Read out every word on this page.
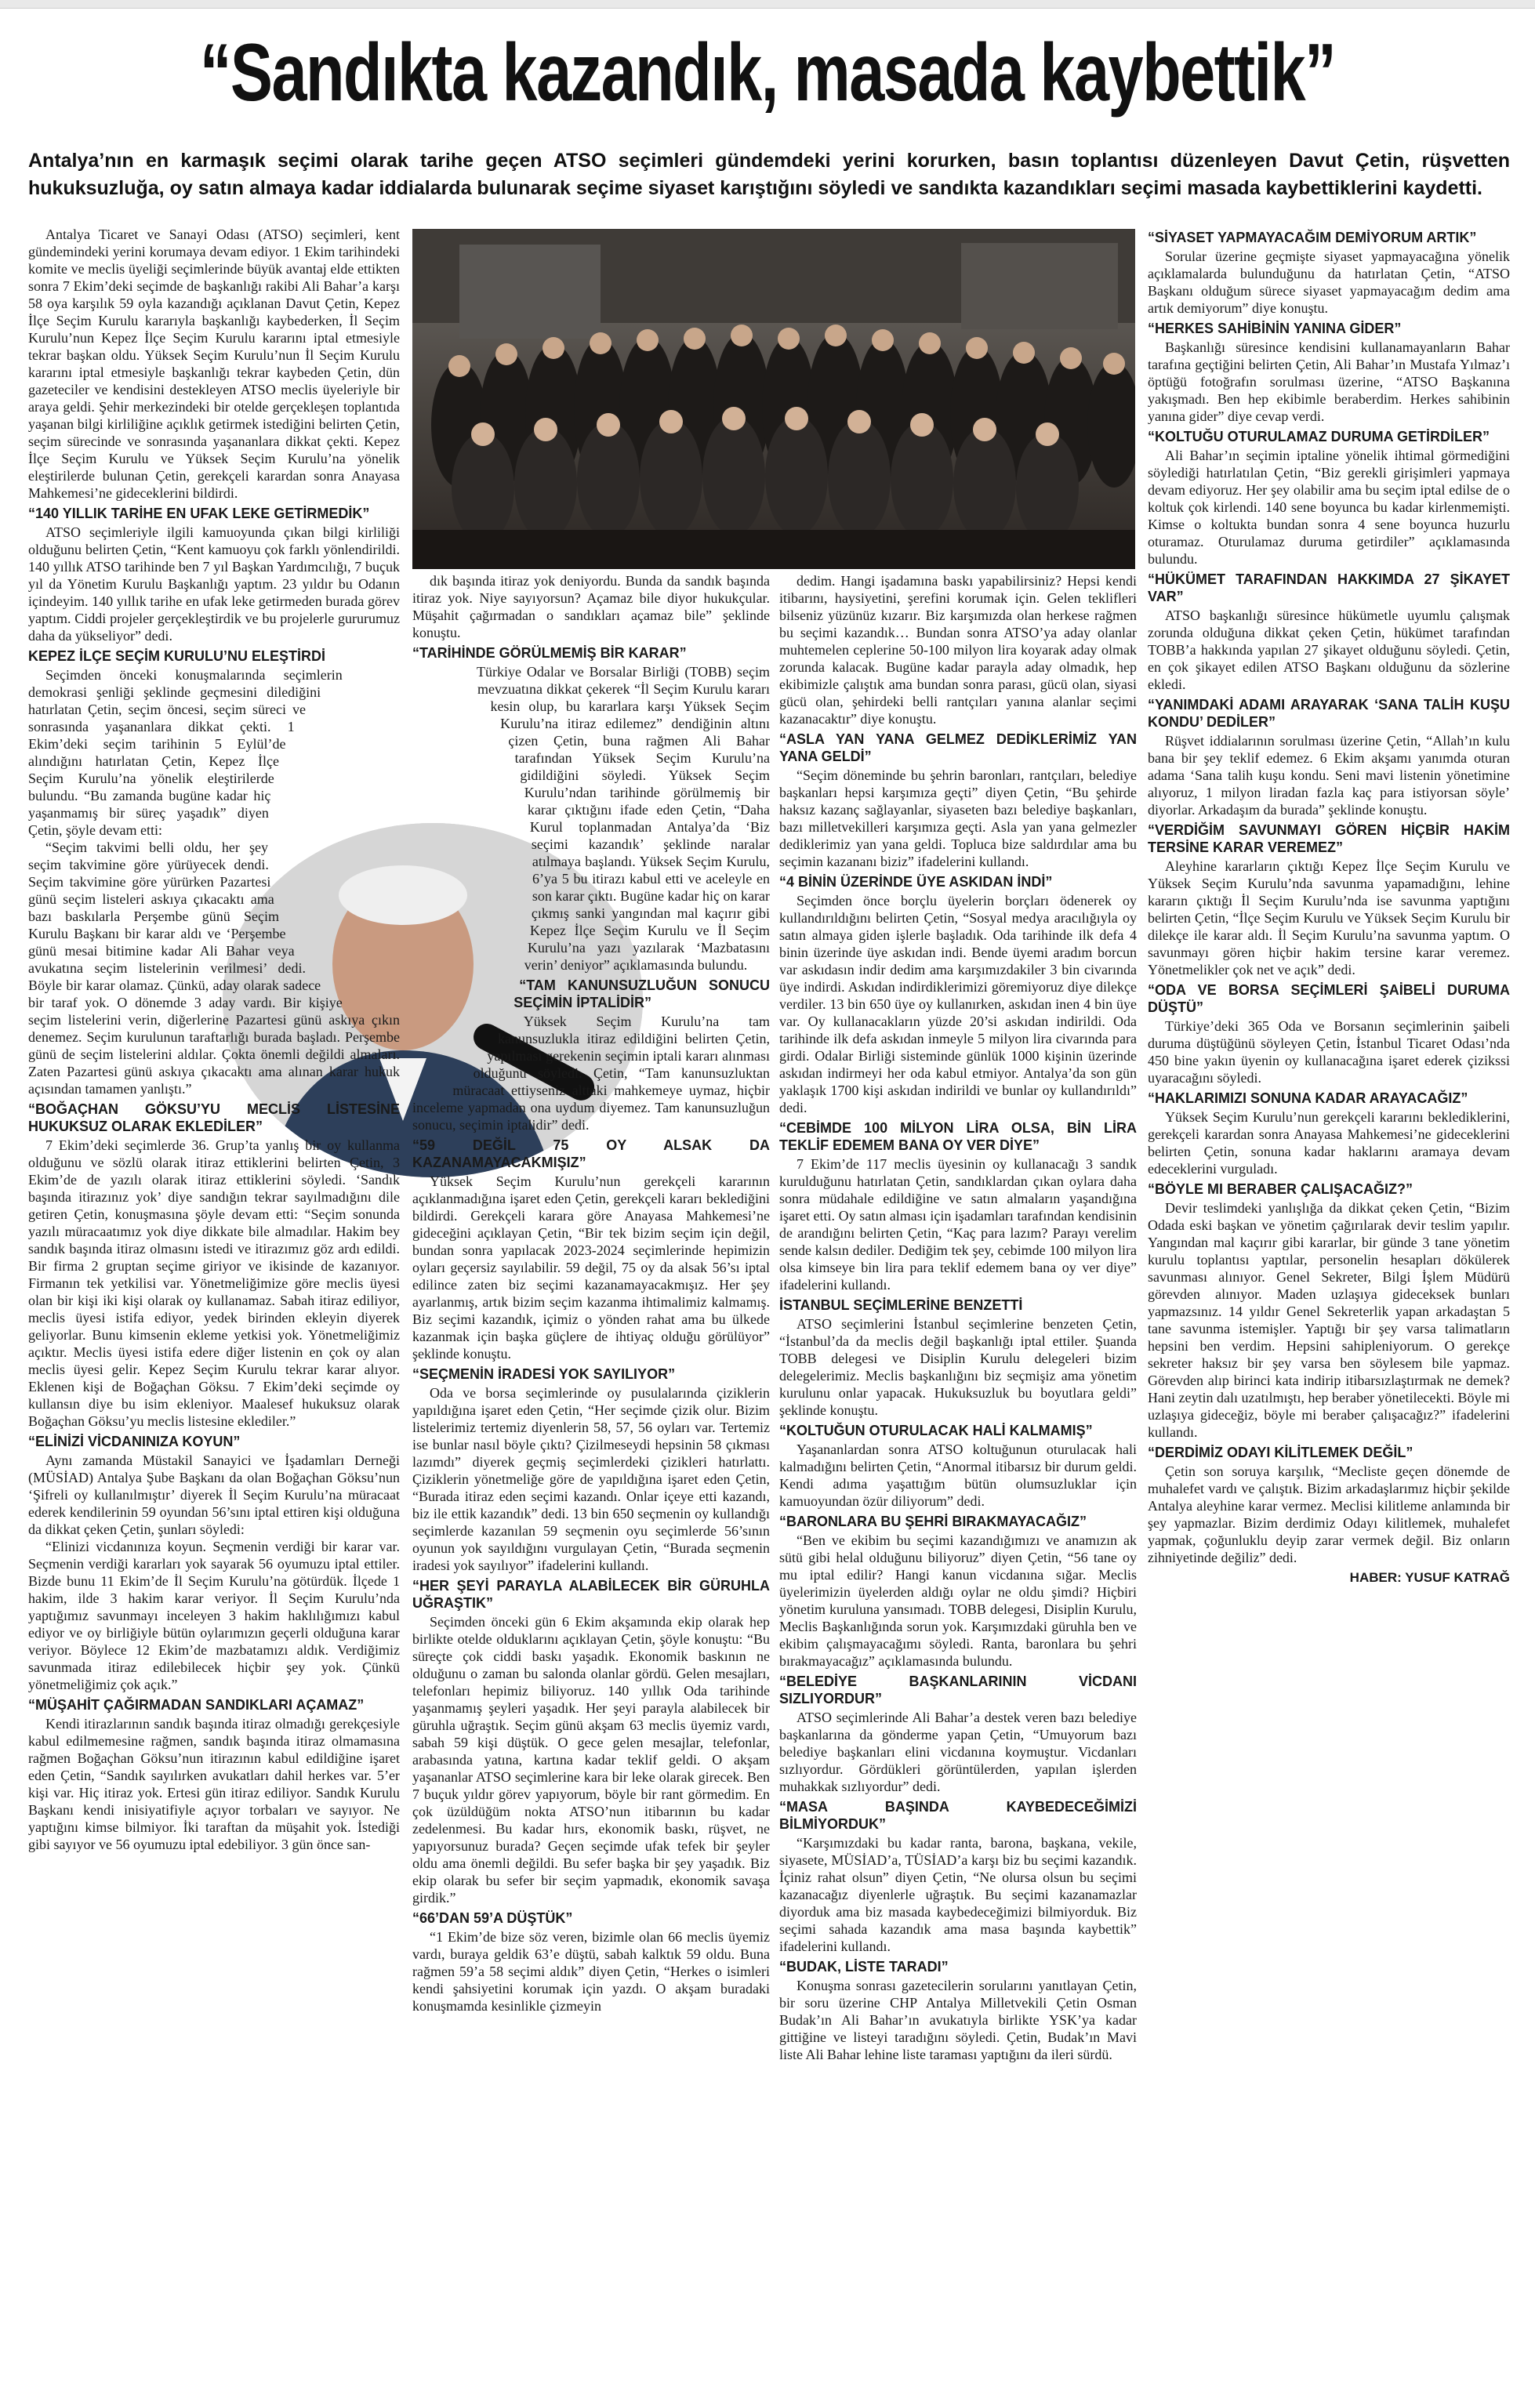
“Sandıkta kazandık, masada kaybettik”
Antalya’nın en karmaşık seçimi olarak tarihe geçen ATSO seçimleri gündemdeki yerini korurken, basın toplantısı düzenleyen Davut Çetin, rüşvetten hukuksuzluğa, oy satın almaya kadar iddialarda bulunarak seçime siyaset karıştığını söyledi ve sandıkta kazandıkları seçimi masada kaybettiklerini kaydetti.

Antalya Ticaret ve Sanayi Odası (ATSO) seçimleri, kent gündemindeki yerini korumaya devam ediyor. 1 Ekim tarihindeki komite ve meclis üyeliği seçimlerinde büyük avantaj elde ettikten sonra 7 Ekim’deki seçimde de başkanlığı rakibi Ali Bahar’a karşı 58 oya karşılık 59 oyla kazandığı açıklanan Davut Çetin, Kepez İlçe Seçim Kurulu kararıyla başkanlığı kaybederken, İl Seçim Kurulu’nun Kepez İlçe Seçim Kurulu kararını iptal etmesiyle tekrar başkan oldu. Yüksek Seçim Kurulu’nun İl Seçim Kurulu kararını iptal etmesiyle başkanlığı tekrar kaybeden Çetin, dün gazeteciler ve kendisini destekleyen ATSO meclis üyeleriyle bir araya geldi. Şehir merkezindeki bir otelde gerçekleşen toplantıda yaşanan bilgi kirliliğine açıklık getirmek istediğini belirten Çetin, seçim sürecinde ve sonrasında yaşananlara dikkat çekti. Kepez İlçe Seçim Kurulu ve Yüksek Seçim Kurulu’na yönelik eleştirilerde bulunan Çetin, gerekçeli karardan sonra Anayasa Mahkemesi’ne gideceklerini bildirdi.

“140 YILLIK TARİHE EN UFAK LEKE GETİRMEDİK”

ATSO seçimleriyle ilgili kamuoyunda çıkan bilgi kirliliği olduğunu belirten Çetin, “Kent kamuoyu çok farklı yönlendirildi. 140 yıllık ATSO tarihinde ben 7 yıl Başkan Yardımcılığı, 7 buçuk yıl da Yönetim Kurulu Başkanlığı yaptım. 23 yıldır bu Odanın içindeyim. 140 yıllık tarihe en ufak leke getirmeden burada görev yaptım. Ciddi projeler gerçekleştirdik ve bu projelerle gururumuz daha da yükseliyor” dedi.

KEPEZ İLÇE SEÇİM KURULU’NU ELEŞTİRDİ

Seçimden önceki konuşmalarında seçimlerin demokrasi şenliği şeklinde geçmesini dilediğini hatırlatan Çetin, seçim öncesi, seçim süreci ve sonrasında yaşananlara dikkat çekti. 1 Ekim’deki seçim tarihinin 5 Eylül’de alındığını hatırlatan Çetin, Kepez İlçe Seçim Kurulu’na yönelik eleştirilerde bulundu. “Bu zamanda bugüne kadar hiç yaşanmamış bir süreç yaşadık” diyen Çetin, şöyle devam etti:

“Seçim takvimi belli oldu, her şey seçim takvimine göre yürüyecek dendi. Seçim takvimine göre yürürken Pazartesi günü seçim listeleri askıya çıkacaktı ama bazı baskılarla Perşembe günü Seçim Kurulu Başkanı bir karar aldı ve ‘Perşembe günü mesai bitimine kadar Ali Bahar veya avukatına seçim listelerinin verilmesi’ dedi. Böyle bir karar olamaz. Çünkü, aday olarak sadece bir taraf yok. O dönemde 3 aday vardı. Bir kişiye seçim listelerini verin, diğerlerine Pazartesi günü askıya çıkın denemez. Seçim kurulunun taraftarlığı burada başladı. Perşembe günü de seçim listelerini aldılar. Çokta önemli değildi almaları. Zaten Pazartesi günü askıya çıkacaktı ama alınan karar hukuk açısından tamamen yanlıştı.”

“BOĞAÇHAN GÖKSU’YU MECLİS LİSTESİNE HUKUKSUZ OLARAK EKLEDİLER”

7 Ekim’deki seçimlerde 36. Grup’ta yanlış bir oy kullanma olduğunu ve sözlü olarak itiraz ettiklerini belirten Çetin, 3 Ekim’de de yazılı olarak itiraz ettiklerini söyledi. ‘Sandık başında itirazınız yok’ diye sandığın tekrar sayılmadığını dile getiren Çetin, konuşmasına şöyle devam etti: “Seçim sonunda yazılı müracaatımız yok diye dikkate bile almadılar. Hakim bey sandık başında itiraz olmasını istedi ve itirazımız göz ardı edildi. Bir firma 2 gruptan seçime giriyor ve ikisinde de kazanıyor. Firmanın tek yetkilisi var. Yönetmeliğimize göre meclis üyesi olan bir kişi iki kişi olarak oy kullanamaz. Sabah itiraz ediliyor, meclis üyesi istifa ediyor, yedek birinden ekleyin diyerek geliyorlar. Bunu kimsenin ekleme yetkisi yok. Yönetmeliğimiz açıktır. Meclis üyesi istifa edere diğer listenin en çok oy alan meclis üyesi gelir. Kepez Seçim Kurulu tekrar karar alıyor. Eklenen kişi de Boğaçhan Göksu. 7 Ekim’deki seçimde oy kullansın diye bu isim ekleniyor. Maalesef hukuksuz olarak Boğaçhan Göksu’yu meclis listesine eklediler.”

“ELİNİZİ VİCDANINIZA KOYUN”

Aynı zamanda Müstakil Sanayici ve İşadamları Derneği (MÜSİAD) Antalya Şube Başkanı da olan Boğaçhan Göksu’nun ‘Şifreli oy kullanılmıştır’ diyerek İl Seçim Kurulu’na müracaat ederek kendilerinin 59 oyundan 56’sını iptal ettiren kişi olduğuna da dikkat çeken Çetin, şunları söyledi:

“Elinizi vicdanınıza koyun. Seçmenin verdiği bir karar var. Seçmenin verdiği kararları yok sayarak 56 oyumuzu iptal ettiler. Bizde bunu 11 Ekim’de İl Seçim Kurulu’na götürdük. İlçede 1 hakim, ilde 3 hakim karar veriyor. İl Seçim Kurulu’nda yaptığımız savunmayı inceleyen 3 hakim haklılığımızı kabul ediyor ve oy birliğiyle bütün oylarımızın geçerli olduğuna karar veriyor. Böylece 12 Ekim’de mazbatamızı aldık. Verdiğimiz savunmada itiraz edilebilecek hiçbir şey yok. Çünkü yönetmeliğimiz çok açık.”

“MÜŞAHİT ÇAĞIRMADAN SANDIKLARI AÇAMAZ”

Kendi itirazlarının sandık başında itiraz olmadığı gerekçesiyle kabul edilmemesine rağmen, sandık başında itiraz olmamasına rağmen Boğaçhan Göksu’nun itirazının kabul edildiğine işaret eden Çetin, “Sandık sayılırken avukatları dahil herkes var. 5’er kişi var. Hiç itiraz yok. Ertesi gün itiraz ediliyor. Sandık Kurulu Başkanı kendi inisiyatifiyle açıyor torbaları ve sayıyor. Ne yaptığını kimse bilmiyor. İki taraftan da müşahit yok. İstediği gibi sayıyor ve 56 oyumuzu iptal edebiliyor. 3 gün önce san-

dık başında itiraz yok deniyordu. Bunda da sandık başında itiraz yok. Niye sayıyorsun? Açamaz bile diyor hukukçular. Müşahit çağırmadan o sandıkları açamaz bile” şeklinde konuştu.

“TARİHİNDE GÖRÜLMEMİŞ BİR KARAR”

Türkiye Odalar ve Borsalar Birliği (TOBB) seçim mevzuatına dikkat çekerek “İl Seçim Kurulu kararı kesin olup, bu kararlara karşı Yüksek Seçim Kurulu’na itiraz edilemez” dendiğinin altını çizen Çetin, buna rağmen Ali Bahar tarafından Yüksek Seçim Kurulu’na gidildiğini söyledi. Yüksek Seçim Kurulu’ndan tarihinde görülmemiş bir karar çıktığını ifade eden Çetin, “Daha Kurul toplanmadan Antalya’da ‘Biz seçimi kazandık’ şeklinde naralar atılmaya başlandı. Yüksek Seçim Kurulu, 6’ya 5 bu itirazı kabul etti ve aceleyle en son karar çıktı. Bugüne kadar hiç on karar çıkmış sanki yangından mal kaçırır gibi Kepez İlçe Seçim Kurulu ve İl Seçim Kurulu’na yazı yazılarak ‘Mazbatasını verin’ deniyor” açıklamasında bulundu.

“TAM KANUNSUZLUĞUN SONUCU SEÇİMİN İPTALİDİR”

Yüksek Seçim Kurulu’na tam kanunsuzlukla itiraz edildiğini belirten Çetin, yapılması gerekenin seçimin iptali kararı alınması olduğunu söyledi. Çetin, “Tam kanunsuzluktan müracaat ettiyseniz alttaki mahkemeye uymaz, hiçbir inceleme yapmadan ona uydum diyemez. Tam kanunsuzluğun sonucu, seçimin iptalidir” dedi.

“59 DEĞİL 75 OY ALSAK DA KAZANAMAYACAKMIŞIZ”

Yüksek Seçim Kurulu’nun gerekçeli kararının açıklanmadığına işaret eden Çetin, gerekçeli kararı beklediğini bildirdi. Gerekçeli karara göre Anayasa Mahkemesi’ne gideceğini açıklayan Çetin, “Bir tek bizim seçim için değil, bundan sonra yapılacak 2023-2024 seçimlerinde hepimizin oyları geçersiz sayılabilir. 59 değil, 75 oy da alsak 56’sı iptal edilince zaten biz seçimi kazanamayacakmışız. Her şey ayarlanmış, artık bizim seçim kazanma ihtimalimiz kalmamış. Biz seçimi kazandık, içimiz o yönden rahat ama bu ülkede kazanmak için başka güçlere de ihtiyaç olduğu görülüyor” şeklinde konuştu.

“SEÇMENİN İRADESİ YOK SAYILIYOR”

Oda ve borsa seçimlerinde oy pusulalarında çiziklerin yapıldığına işaret eden Çetin, “Her seçimde çizik olur. Bizim listelerimiz tertemiz diyenlerin 58, 57, 56 oyları var. Tertemiz ise bunlar nasıl böyle çıktı? Çizilmeseydi hepsinin 58 çıkması lazımdı” diyerek geçmiş seçimlerdeki çizikleri hatırlattı. Çiziklerin yönetmeliğe göre de yapıldığına işaret eden Çetin, “Burada itiraz eden seçimi kazandı. Onlar içeye etti kazandı, biz ile ettik kazandık” dedi. 13 bin 650 seçmenin oy kullandığı seçimlerde kazanılan 59 seçmenin oyu seçimlerde 56’sının oyunun yok sayıldığını vurgulayan Çetin, “Burada seçmenin iradesi yok sayılıyor” ifadelerini kullandı.

“HER ŞEYİ PARAYLA ALABİLECEK BİR GÜRUHLA UĞRAŞTIK”

Seçimden önceki gün 6 Ekim akşamında ekip olarak hep birlikte otelde olduklarını açıklayan Çetin, şöyle konuştu: “Bu süreçte çok ciddi baskı yaşadık. Ekonomik baskının ne olduğunu o zaman bu salonda olanlar gördü. Gelen mesajları, telefonları hepimiz biliyoruz. 140 yıllık Oda tarihinde yaşanmamış şeyleri yaşadık. Her şeyi parayla alabilecek bir güruhla uğraştık. Seçim günü akşam 63 meclis üyemiz vardı, sabah 59 kişi düştük. O gece gelen mesajlar, telefonlar, arabasında yatına, kartına kadar teklif geldi. O akşam yaşananlar ATSO seçimlerine kara bir leke olarak girecek. Ben 7 buçuk yıldır görev yapıyorum, böyle bir rant görmedim. En çok üzüldüğüm nokta ATSO’nun itibarının bu kadar zedelenmesi. Bu kadar hırs, ekonomik baskı, rüşvet, ne yapıyorsunuz burada? Geçen seçimde ufak tefek bir şeyler oldu ama önemli değildi. Bu sefer başka bir şey yaşadık. Biz ekip olarak bu sefer bir seçim yapmadık, ekonomik savaşa girdik.”

“66’DAN 59’A DÜŞTÜK”

“1 Ekim’de bize söz veren, bizimle olan 66 meclis üyemiz vardı, buraya geldik 63’e düştü, sabah kalktık 59 oldu. Buna rağmen 59’a 58 seçimi aldık” diyen Çetin, “Herkes o isimleri kendi şahsiyetini korumak için yazdı. O akşam buradaki konuşmamda kesinlikle çizmeyin

dedim. Hangi işadamına baskı yapabilirsiniz? Hepsi kendi itibarını, haysiyetini, şerefini korumak için. Gelen teklifleri bilseniz yüzünüz kızarır. Biz karşımızda olan herkese rağmen bu seçimi kazandık… Bundan sonra ATSO’ya aday olanlar muhtemelen ceplerine 50-100 milyon lira koyarak aday olmak zorunda kalacak. Bugüne kadar parayla aday olmadık, hep ekibimizle çalıştık ama bundan sonra parası, gücü olan, siyasi gücü olan, şehirdeki belli rantçıları yanına alanlar seçimi kazanacaktır” diye konuştu.

“ASLA YAN YANA GELMEZ DEDİKLERİMİZ YAN YANA GELDİ”

“Seçim döneminde bu şehrin baronları, rantçıları, belediye başkanları hepsi karşımıza geçti” diyen Çetin, “Bu şehirde haksız kazanç sağlayanlar, siyaseten bazı belediye başkanları, bazı milletvekilleri karşımıza geçti. Asla yan yana gelmezler dediklerimiz yan yana geldi. Topluca bize saldırdılar ama bu seçimin kazananı biziz” ifadelerini kullandı.

“4 BİNİN ÜZERİNDE ÜYE ASKIDAN İNDİ”

Seçimden önce borçlu üyelerin borçları ödenerek oy kullandırıldığını belirten Çetin, “Sosyal medya aracılığıyla oy satın almaya giden işlerle başladık. Oda tarihinde ilk defa 4 binin üzerinde üye askıdan indi. Bende üyemi aradım borcun var askıdasın indir dedim ama karşımızdakiler 3 bin civarında üye indirdi. Askıdan indirdiklerimizi göremiyoruz diye dilekçe verdiler. 13 bin 650 üye oy kullanırken, askıdan inen 4 bin üye var. Oy kullanacakların yüzde 20’si askıdan indirildi. Oda tarihinde ilk defa askıdan inmeyle 5 milyon lira civarında para girdi. Odalar Birliği sisteminde günlük 1000 kişinin üzerinde askıdan indirmeyi her oda kabul etmiyor. Antalya’da son gün yaklaşık 1700 kişi askıdan indirildi ve bunlar oy kullandırıldı” dedi.

“CEBİMDE 100 MİLYON LİRA OLSA, BİN LİRA TEKLİF EDEMEM BANA OY VER DİYE”

7 Ekim’de 117 meclis üyesinin oy kullanacağı 3 sandık kurulduğunu hatırlatan Çetin, sandıklardan çıkan oylara daha sonra müdahale edildiğine ve satın almaların yaşandığına işaret etti. Oy satın alması için işadamları tarafından kendisinin de arandığını belirten Çetin, “Kaç para lazım? Parayı verelim sende kalsın dediler. Dediğim tek şey, cebimde 100 milyon lira olsa kimseye bin lira para teklif edemem bana oy ver diye” ifadelerini kullandı.

İSTANBUL SEÇİMLERİNE BENZETTİ

ATSO seçimlerini İstanbul seçimlerine benzeten Çetin, “İstanbul’da da meclis değil başkanlığı iptal ettiler. Şuanda TOBB delegesi ve Disiplin Kurulu delegeleri bizim delegelerimiz. Meclis başkanlığını biz seçmişiz ama yönetim kurulunu onlar yapacak. Hukuksuzluk bu boyutlara geldi” şeklinde konuştu.

“KOLTUĞUN OTURULACAK HALİ KALMAMIŞ”

Yaşananlardan sonra ATSO koltuğunun oturulacak hali kalmadığını belirten Çetin, “Anormal itibarsız bir durum geldi. Kendi adıma yaşattığım bütün olumsuzluklar için kamuoyundan özür diliyorum” dedi.

“BARONLARA BU ŞEHRİ BIRAKMAYACAĞIZ”

“Ben ve ekibim bu seçimi kazandığımızı ve anamızın ak sütü gibi helal olduğunu biliyoruz” diyen Çetin, “56 tane oy mu iptal edilir? Hangi kanun vicdanına sığar. Meclis üyelerimizin üyelerden aldığı oylar ne oldu şimdi? Hiçbiri yönetim kuruluna yansımadı. TOBB delegesi, Disiplin Kurulu, Meclis Başkanlığında sorun yok. Karşımızdaki güruhla ben ve ekibim çalışmayacağımı söyledi. Ranta, baronlara bu şehri bırakmayacağız” açıklamasında bulundu.

“BELEDİYE BAŞKANLARININ VİCDANI SIZLIYORDUR”

ATSO seçimlerinde Ali Bahar’a destek veren bazı belediye başkanlarına da gönderme yapan Çetin, “Umuyorum bazı belediye başkanları elini vicdanına koymuştur. Vicdanları sızlıyordur. Gördükleri görüntülerden, yapılan işlerden muhakkak sızlıyordur” dedi.

“MASA BAŞINDA KAYBEDECEĞİMİZİ BİLMİYORDUK”

“Karşımızdaki bu kadar ranta, barona, başkana, vekile, siyasete, MÜSİAD’a, TÜSİAD’a karşı biz bu seçimi kazandık. İçiniz rahat olsun” diyen Çetin, “Ne olursa olsun bu seçimi kazanacağız diyenlerle uğraştık. Bu seçimi kazanamazlar diyorduk ama biz masada kaybedeceğimizi bilmiyorduk. Biz seçimi sahada kazandık ama masa başında kaybettik” ifadelerini kullandı.

“BUDAK, LİSTE TARADI”

Konuşma sonrası gazetecilerin sorularını yanıtlayan Çetin, bir soru üzerine CHP Antalya Milletvekili Çetin Osman Budak’ın Ali Bahar’ın avukatıyla birlikte YSK’ya kadar gittiğine ve listeyi taradığını söyledi. Çetin, Budak’ın Mavi liste Ali Bahar lehine liste taraması yaptığını da ileri sürdü.

“SİYASET YAPMAYACAĞIM DEMİYORUM ARTIK”

Sorular üzerine geçmişte siyaset yapmayacağına yönelik açıklamalarda bulunduğunu da hatırlatan Çetin, “ATSO Başkanı olduğum sürece siyaset yapmayacağım dedim ama artık demiyorum” diye konuştu.

“HERKES SAHİBİNİN YANINA GİDER”

Başkanlığı süresince kendisini kullanamayanların Bahar tarafına geçtiğini belirten Çetin, Ali Bahar’ın Mustafa Yılmaz’ı öptüğü fotoğrafın sorulması üzerine, “ATSO Başkanına yakışmadı. Ben hep ekibimle beraberdim. Herkes sahibinin yanına gider” diye cevap verdi.

“KOLTUĞU OTURULAMAZ DURUMA GETİRDİLER”

Ali Bahar’ın seçimin iptaline yönelik ihtimal görmediğini söylediği hatırlatılan Çetin, “Biz gerekli girişimleri yapmaya devam ediyoruz. Her şey olabilir ama bu seçim iptal edilse de o koltuk çok kirlendi. 140 sene boyunca bu kadar kirlenmemişti. Kimse o koltukta bundan sonra 4 sene boyunca huzurlu oturamaz. Oturulamaz duruma getirdiler” açıklamasında bulundu.

“HÜKÜMET TARAFINDAN HAKKIMDA 27 ŞİKAYET VAR”

ATSO başkanlığı süresince hükümetle uyumlu çalışmak zorunda olduğuna dikkat çeken Çetin, hükümet tarafından TOBB’a hakkında yapılan 27 şikayet olduğunu söyledi. Çetin, en çok şikayet edilen ATSO Başkanı olduğunu da sözlerine ekledi.

“YANIMDAKİ ADAMI ARAYARAK ‘SANA TALİH KUŞU KONDU’ DEDİLER”

Rüşvet iddialarının sorulması üzerine Çetin, “Allah’ın kulu bana bir şey teklif edemez. 6 Ekim akşamı yanımda oturan adama ‘Sana talih kuşu kondu. Seni mavi listenin yönetimine alıyoruz, 1 milyon liradan fazla kaç para istiyorsan söyle’ diyorlar. Arkadaşım da burada” şeklinde konuştu.

“VERDİĞİM SAVUNMAYI GÖREN HİÇBİR HAKİM TERSİNE KARAR VEREMEZ”

Aleyhine kararların çıktığı Kepez İlçe Seçim Kurulu ve Yüksek Seçim Kurulu’nda savunma yapamadığını, lehine kararın çıktığı İl Seçim Kurulu’nda ise savunma yaptığını belirten Çetin, “İlçe Seçim Kurulu ve Yüksek Seçim Kurulu bir dilekçe ile karar aldı. İl Seçim Kurulu’na savunma yaptım. O savunmayı gören hiçbir hakim tersine karar veremez. Yönetmelikler çok net ve açık” dedi.

“ODA VE BORSA SEÇİMLERİ ŞAİBELİ DURUMA DÜŞTÜ”

Türkiye’deki 365 Oda ve Borsanın seçimlerinin şaibeli duruma düştüğünü söyleyen Çetin, İstanbul Ticaret Odası’nda 450 bine yakın üyenin oy kullanacağına işaret ederek çizikssi uyaracağını söyledi.

“HAKLARIMIZI SONUNA KADAR ARAYACAĞIZ”

Yüksek Seçim Kurulu’nun gerekçeli kararını beklediklerini, gerekçeli karardan sonra Anayasa Mahkemesi’ne gideceklerini belirten Çetin, sonuna kadar haklarını aramaya devam edeceklerini vurguladı.

“BÖYLE MI BERABER ÇALIŞACAĞIZ?”

Devir teslimdeki yanlışlığa da dikkat çeken Çetin, “Bizim Odada eski başkan ve yönetim çağırılarak devir teslim yapılır. Yangından mal kaçırır gibi kararlar, bir günde 3 tane yönetim kurulu toplantısı yaptılar, personelin hesapları dökülerek savunması alınıyor. Genel Sekreter, Bilgi İşlem Müdürü görevden alınıyor. Maden uzlaşıya gideceksek bunları yapmazsınız. 14 yıldır Genel Sekreterlik yapan arkadaştan 5 tane savunma istemişler. Yaptığı bir şey varsa talimatların hepsini ben verdim. Hepsini sahipleniyorum. O gerekçe sekreter haksız bir şey varsa ben söylesem bile yapmaz. Görevden alıp birinci kata indirip itibarsızlaştırmak ne demek? Hani zeytin dalı uzatılmıştı, hep beraber yönetilecekti. Böyle mi uzlaşıya gideceğiz, böyle mi beraber çalışacağız?” ifadelerini kullandı.

“DERDİMİZ ODAYI KİLİTLEMEK DEĞİL”

Çetin son soruya karşılık, “Mecliste geçen dönemde de muhalefet vardı ve çalıştık. Bizim arkadaşlarımız hiçbir şekilde Antalya aleyhine karar vermez. Meclisi kilitleme anlamında bir şey yapmazlar. Bizim derdimiz Odayı kilitlemek, muhalefet yapmak, çoğunluklu deyip zarar vermek değil. Biz onların zihniyetinde değiliz” dedi.

HABER: YUSUF KATRAĞ
